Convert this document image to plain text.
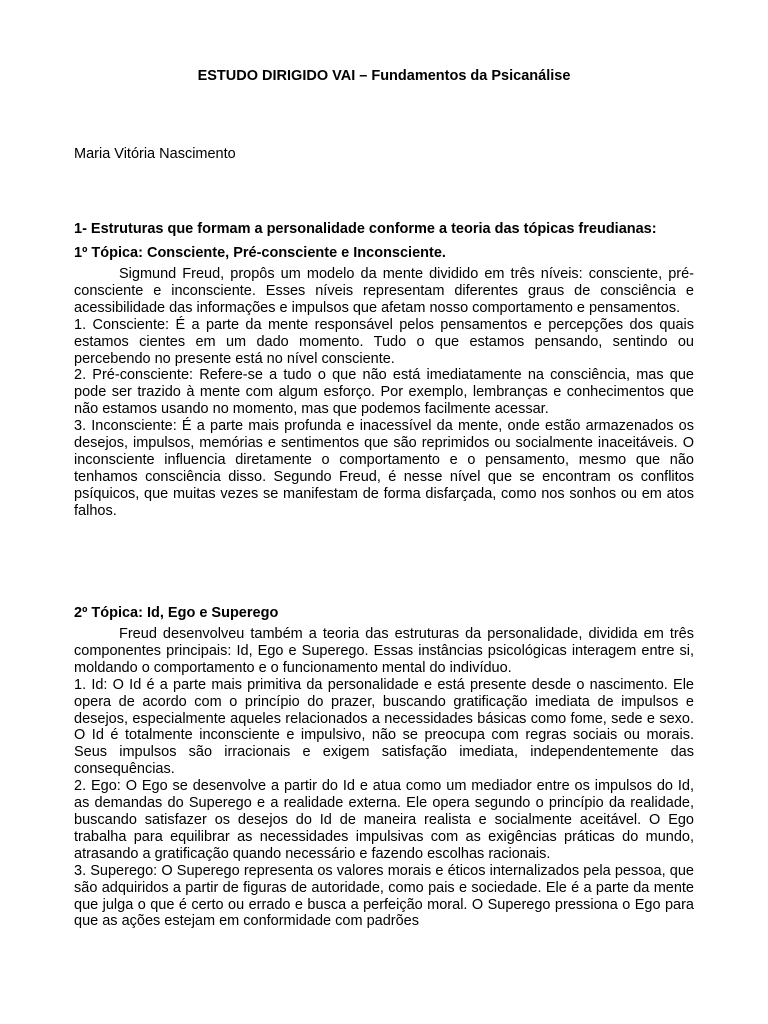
ESTUDO DIRIGIDO VAI – Fundamentos da Psicanálise
Maria Vitória Nascimento

1- Estruturas que formam a personalidade conforme a teoria das tópicas freudianas:

1º Tópica: Consciente, Pré-consciente e Inconsciente.

Sigmund Freud, propôs um modelo da mente dividido em três níveis: consciente, pré-consciente e inconsciente. Esses níveis representam diferentes graus de consciência e acessibilidade das informações e impulsos que afetam nosso comportamento e pensamentos.

1. Consciente: É a parte da mente responsável pelos pensamentos e percepções dos quais estamos cientes em um dado momento. Tudo o que estamos pensando, sentindo ou percebendo no presente está no nível consciente.

2. Pré-consciente: Refere-se a tudo o que não está imediatamente na consciência, mas que pode ser trazido à mente com algum esforço. Por exemplo, lembranças e conhecimentos que não estamos usando no momento, mas que podemos facilmente acessar.

3. Inconsciente: É a parte mais profunda e inacessível da mente, onde estão armazenados os desejos, impulsos, memórias e sentimentos que são reprimidos ou socialmente inaceitáveis. O inconsciente influencia diretamente o comportamento e o pensamento, mesmo que não tenhamos consciência disso. Segundo Freud, é nesse nível que se encontram os conflitos psíquicos, que muitas vezes se manifestam de forma disfarçada, como nos sonhos ou em atos falhos.

2º Tópica: Id, Ego e Superego

Freud desenvolveu também a teoria das estruturas da personalidade, dividida em três componentes principais: Id, Ego e Superego. Essas instâncias psicológicas interagem entre si, moldando o comportamento e o funcionamento mental do indivíduo.

1. Id: O Id é a parte mais primitiva da personalidade e está presente desde o nascimento. Ele opera de acordo com o princípio do prazer, buscando gratificação imediata de impulsos e desejos, especialmente aqueles relacionados a necessidades básicas como fome, sede e sexo. O Id é totalmente inconsciente e impulsivo, não se preocupa com regras sociais ou morais. Seus impulsos são irracionais e exigem satisfação imediata, independentemente das consequências.

2. Ego: O Ego se desenvolve a partir do Id e atua como um mediador entre os impulsos do Id, as demandas do Superego e a realidade externa. Ele opera segundo o princípio da realidade, buscando satisfazer os desejos do Id de maneira realista e socialmente aceitável. O Ego trabalha para equilibrar as necessidades impulsivas com as exigências práticas do mundo, atrasando a gratificação quando necessário e fazendo escolhas racionais.

3. Superego: O Superego representa os valores morais e éticos internalizados pela pessoa, que são adquiridos a partir de figuras de autoridade, como pais e sociedade. Ele é a parte da mente que julga o que é certo ou errado e busca a perfeição moral. O Superego pressiona o Ego para que as ações estejam em conformidade com padrões
